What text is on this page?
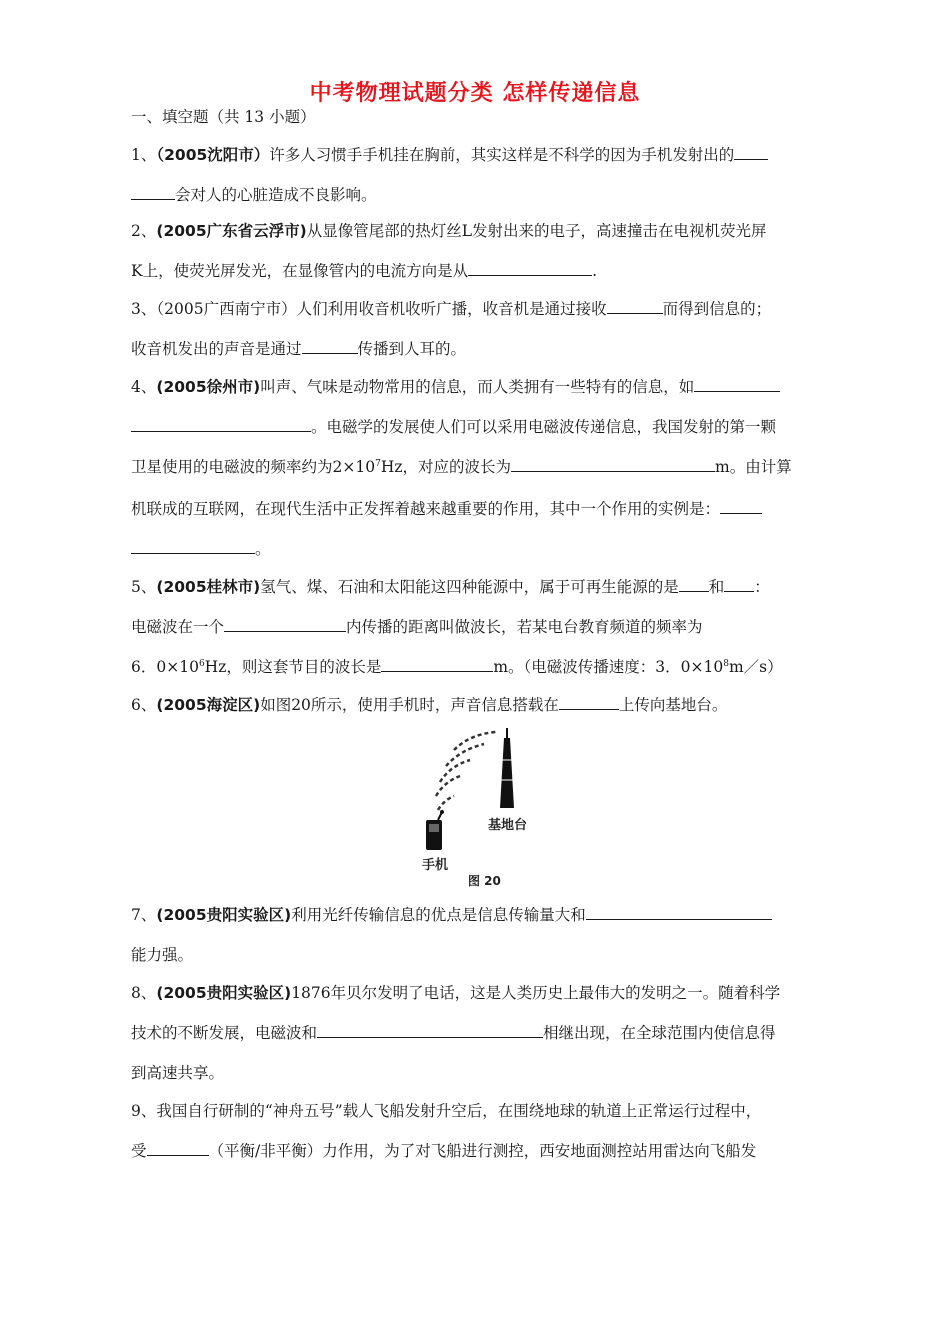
中考物理试题分类 怎样传递信息
一、填空题（共 13 小题）
1、（2005沈阳市）许多人习惯手手机挂在胸前，其实这样是不科学的因为手机发射出的
会对人的心脏造成不良影响。
2、(2005广东省云浮市)从显像管尾部的热灯丝L发射出来的电子，高速撞击在电视机荧光屏
K上，使荧光屏发光，在显像管内的电流方向是从	.
3、（2005广西南宁市）人们利用收音机收听广播，收音机是通过接收	而得到信息的；
收音机发出的声音是通过	传播到人耳的。
4、(2005徐州市)叫声、气味是动物常用的信息，而人类拥有一些特有的信息，如
。电磁学的发展使人们可以采用电磁波传递信息，我国发射的第一颗
卫星使用的电磁波的频率约为$2\times 10^7Hz$，对应的波长为	m。由计算
机联成的互联网，在现代生活中正发挥着越来越重要的作用，其中一个作用的实例是：
。
5、(2005桂林市)氢气、煤、石油和太阳能这四种能源中，属于可再生能源的是 和 ：
电磁波在一个	内传播的距离叫做波长，若某电台教育频道的频率为
6．$0\times 10^6Hz$，则这套节目的波长是	m。（电磁波传播速度：3．$0\times 10^8m/s$）
6、(2005海淀区)如图20所示，使用手机时，声音信息搭载在	上传向基地台。
基地台
手机
图 20
7、(2005贵阳实验区)利用光纤传输信息的优点是信息传输量大和
能力强。
8、(2005贵阳实验区)1876年贝尔发明了电话，这是人类历史上最伟大的发明之一。随着科学
技术的不断发展，电磁波和	相继出现，在全球范围内使信息得
到高速共享。
9、我国自行研制的“神舟五号”载人飞船发射升空后，在围绕地球的轨道上正常运行过程中，
受	（平衡/非平衡）力作用，为了对飞船进行测控，西安地面测控站用雷达向飞船发
